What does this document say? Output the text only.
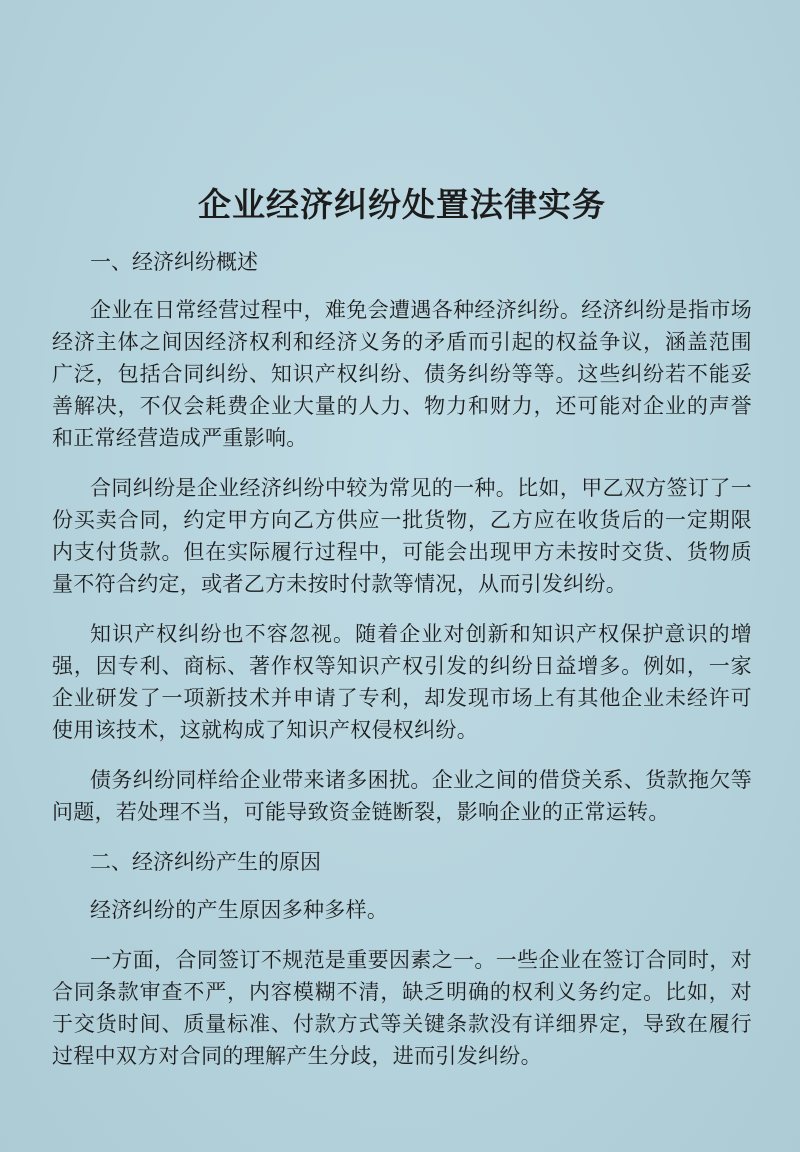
企业经济纠纷处置法律实务
一、经济纠纷概述

企业在日常经营过程中，难免会遭遇各种经济纠纷。经济纠纷是指市场经济主体之间因经济权利和经济义务的矛盾而引起的权益争议，涵盖范围广泛，包括合同纠纷、知识产权纠纷、债务纠纷等等。这些纠纷若不能妥善解决，不仅会耗费企业大量的人力、物力和财力，还可能对企业的声誉和正常经营造成严重影响。

合同纠纷是企业经济纠纷中较为常见的一种。比如，甲乙双方签订了一份买卖合同，约定甲方向乙方供应一批货物，乙方应在收货后的一定期限内支付货款。但在实际履行过程中，可能会出现甲方未按时交货、货物质量不符合约定，或者乙方未按时付款等情况，从而引发纠纷。

知识产权纠纷也不容忽视。随着企业对创新和知识产权保护意识的增强，因专利、商标、著作权等知识产权引发的纠纷日益增多。例如，一家企业研发了一项新技术并申请了专利，却发现市场上有其他企业未经许可使用该技术，这就构成了知识产权侵权纠纷。

债务纠纷同样给企业带来诸多困扰。企业之间的借贷关系、货款拖欠等问题，若处理不当，可能导致资金链断裂，影响企业的正常运转。

二、经济纠纷产生的原因

经济纠纷的产生原因多种多样。

一方面，合同签订不规范是重要因素之一。一些企业在签订合同时，对合同条款审查不严，内容模糊不清，缺乏明确的权利义务约定。比如，对于交货时间、质量标准、付款方式等关键条款没有详细界定，导致在履行过程中双方对合同的理解产生分歧，进而引发纠纷。
